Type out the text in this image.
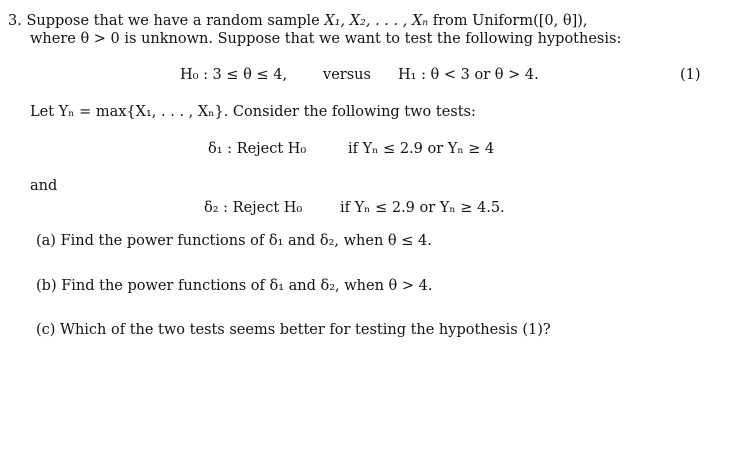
3. Suppose that we have a random sample X₁, X₂, . . . , Xₙ from Uniform([0, θ]),
where θ > 0 is unknown. Suppose that we want to test the following hypothesis:
H₀ : 3 ≤ θ ≤ 4, versus H₁ : θ < 3 or θ > 4.	(1)
Let Yₙ = max{X₁, . . . , Xₙ}. Consider the following two tests:
δ₁ : Reject H₀	if Yₙ ≤ 2.9 or Yₙ ≥ 4
and
δ₂ : Reject H₀	if Yₙ ≤ 2.9 or Yₙ ≥ 4.5.
(a) Find the power functions of δ₁ and δ₂, when θ ≤ 4.
(b) Find the power functions of δ₁ and δ₂, when θ > 4.
(c) Which of the two tests seems better for testing the hypothesis (1)?
